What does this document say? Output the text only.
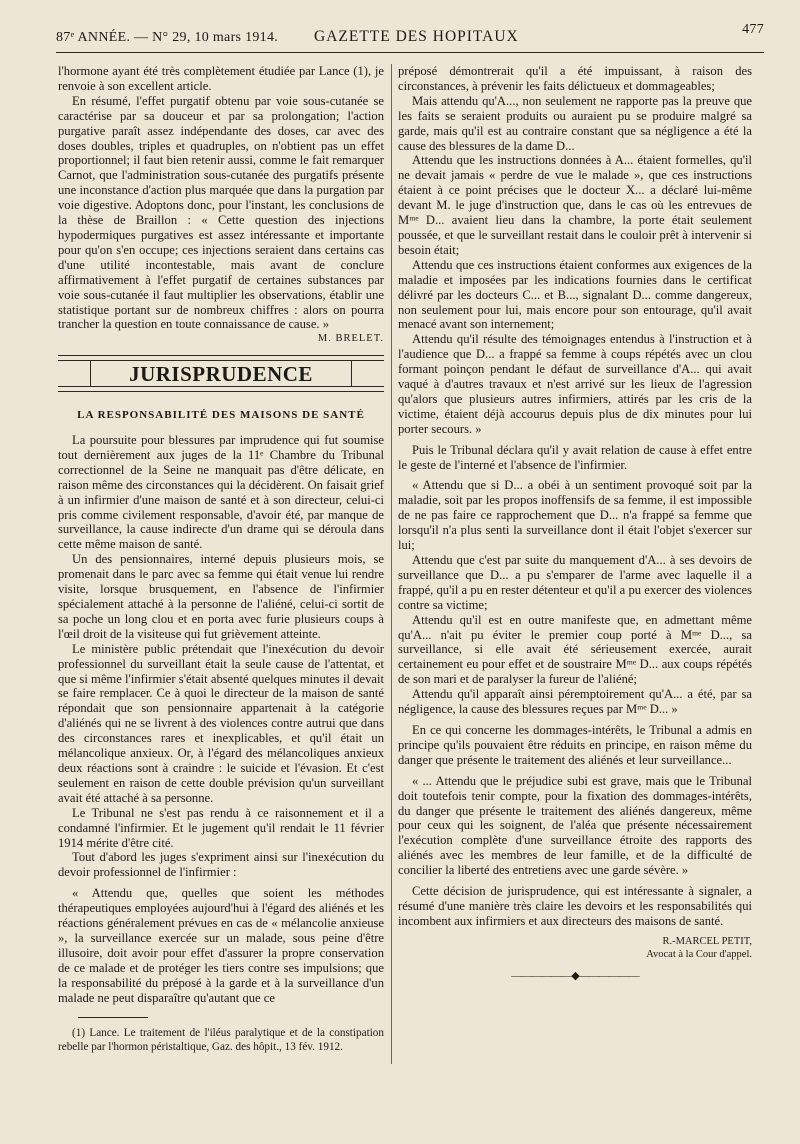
87ᵉ ANNÉE. — N° 29, 10 mars 1914. GAZETTE DES HOPITAUX	477

l'hormone ayant été très complètement étudiée par Lance (1), je renvoie à son excellent article.

En résumé, l'effet purgatif obtenu par voie sous-cutanée se caractérise par sa douceur et par sa prolongation; l'action purgative paraît assez indépendante des doses, car avec des doses doubles, triples et quadruples, on n'obtient pas un effet proportionnel; il faut bien retenir aussi, comme le fait remarquer Carnot, que l'administration sous-cutanée des purgatifs présente une inconstance d'action plus marquée que dans la purgation par voie digestive. Adoptons donc, pour l'instant, les conclusions de la thèse de Braillon : « Cette question des injections hypodermiques purgatives est assez intéressante et importante pour qu'on s'en occupe; ces injections seraient dans certains cas d'une utilité incontestable, mais avant de conclure affirmativement à l'effet purgatif de certaines substances par voie sous-cutanée il faut multiplier les observations, établir une statistique portant sur de nombreux chiffres : alors on pourra trancher la question en toute connaissance de cause. »

M. BRELET.
JURISPRUDENCE
LA RESPONSABILITÉ DES MAISONS DE SANTÉ

La poursuite pour blessures par imprudence qui fut soumise tout dernièrement aux juges de la 11ᵉ Chambre du Tribunal correctionnel de la Seine ne manquait pas d'être délicate, en raison même des circonstances qui la décidèrent. On faisait grief à un infirmier d'une maison de santé et à son directeur, celui-ci pris comme civilement responsable, d'avoir été, par manque de surveillance, la cause indirecte d'un drame qui se déroula dans cette même maison de santé.

Un des pensionnaires, interné depuis plusieurs mois, se promenait dans le parc avec sa femme qui était venue lui rendre visite, lorsque brusquement, en l'absence de l'infirmier spécialement attaché à la personne de l'aliéné, celui-ci sortit de sa poche un long clou et en porta avec furie plusieurs coups à l'œil droit de la visiteuse qui fut grièvement atteinte.

Le ministère public prétendait que l'inexécution du devoir professionnel du surveillant était la seule cause de l'attentat, et que si même l'infirmier s'était absenté quelques minutes il devait se faire remplacer. Ce à quoi le directeur de la maison de santé répondait que son pensionnaire appartenait à la catégorie d'aliénés qui ne se livrent à des violences contre autrui que dans des circonstances rares et inexplicables, et qu'il était un mélancolique anxieux. Or, à l'égard des mélancoliques anxieux deux réactions sont à craindre : le suicide et l'évasion. Et c'est seulement en raison de cette double prévision qu'un surveillant avait été attaché à sa personne.

Le Tribunal ne s'est pas rendu à ce raisonnement et il a condamné l'infirmier. Et le jugement qu'il rendait le 11 février 1914 mérite d'être cité.

Tout d'abord les juges s'expriment ainsi sur l'inexécution du devoir professionnel de l'infirmier :

« Attendu que, quelles que soient les méthodes thérapeutiques employées aujourd'hui à l'égard des aliénés et les réactions généralement prévues en cas de « mélancolie anxieuse », la surveillance exercée sur un malade, sous peine d'être illusoire, doit avoir pour effet d'assurer la propre conservation de ce malade et de protéger les tiers contre ses impulsions; que la responsabilité du préposé à la garde et à la surveillance d'un malade ne peut disparaître qu'autant que ce

(1) Lance. Le traitement de l'iléus paralytique et de la constipation rebelle par l'hormon péristaltique, Gaz. des hôpit., 13 fév. 1912.

préposé démontrerait qu'il a été impuissant, à raison des circonstances, à prévenir les faits délictueux et dommageables;

Mais attendu qu'A..., non seulement ne rapporte pas la preuve que les faits se seraient produits ou auraient pu se produire malgré sa garde, mais qu'il est au contraire constant que sa négligence a été la cause des blessures de la dame D...

Attendu que les instructions données à A... étaient formelles, qu'il ne devait jamais « perdre de vue le malade », que ces instructions étaient à ce point précises que le docteur X... a déclaré lui-même devant M. le juge d'instruction que, dans le cas où les entrevues de Mᵐᵉ D... avaient lieu dans la chambre, la porte était seulement poussée, et que le surveillant restait dans le couloir prêt à intervenir si besoin était;

Attendu que ces instructions étaient conformes aux exigences de la maladie et imposées par les indications fournies dans le certificat délivré par les docteurs C... et B..., signalant D... comme dangereux, non seulement pour lui, mais encore pour son entourage, qu'il avait menacé avant son internement;

Attendu qu'il résulte des témoignages entendus à l'instruction et à l'audience que D... a frappé sa femme à coups répétés avec un clou formant poinçon pendant le défaut de surveillance d'A... qui avait vaqué à d'autres travaux et n'est arrivé sur les lieux de l'agression qu'alors que plusieurs autres infirmiers, attirés par les cris de la victime, étaient déjà accourus depuis plus de dix minutes pour lui porter secours. »

Puis le Tribunal déclara qu'il y avait relation de cause à effet entre le geste de l'interné et l'absence de l'infirmier.

« Attendu que si D... a obéi à un sentiment provoqué soit par la maladie, soit par les propos inoffensifs de sa femme, il est impossible de ne pas faire ce rapprochement que D... n'a frappé sa femme que lorsqu'il n'a plus senti la surveillance dont il était l'objet s'exercer sur lui;

Attendu que c'est par suite du manquement d'A... à ses devoirs de surveillance que D... a pu s'emparer de l'arme avec laquelle il a frappé, qu'il a pu en rester détenteur et qu'il a pu exercer des violences contre sa victime;

Attendu qu'il est en outre manifeste que, en admettant même qu'A... n'ait pu éviter le premier coup porté à Mᵐᵉ D..., sa surveillance, si elle avait été sérieusement exercée, aurait certainement eu pour effet et de soustraire Mᵐᵉ D... aux coups répétés de son mari et de paralyser la fureur de l'aliéné;

Attendu qu'il apparaît ainsi péremptoirement qu'A... a été, par sa négligence, la cause des blessures reçues par Mᵐᵉ D... »

En ce qui concerne les dommages-intérêts, le Tribunal a admis en principe qu'ils pouvaient être réduits en principe, en raison même du danger que présente le traitement des aliénés et leur surveillance...

« ... Attendu que le préjudice subi est grave, mais que le Tribunal doit toutefois tenir compte, pour la fixation des dommages-intérêts, du danger que présente le traitement des aliénés dangereux, même pour ceux qui les soignent, de l'aléa que présente nécessairement l'exécution complète d'une surveillance étroite des rapports des aliénés avec les membres de leur famille, et de la difficulté de concilier la liberté des entretiens avec une garde sévère. »

Cette décision de jurisprudence, qui est intéressante à signaler, a résumé d'une manière très claire les devoirs et les responsabilités qui incombent aux infirmiers et aux directeurs des maisons de santé.

R.-MARCEL PETIT,
Avocat à la Cour d'appel.
——————◆——————
